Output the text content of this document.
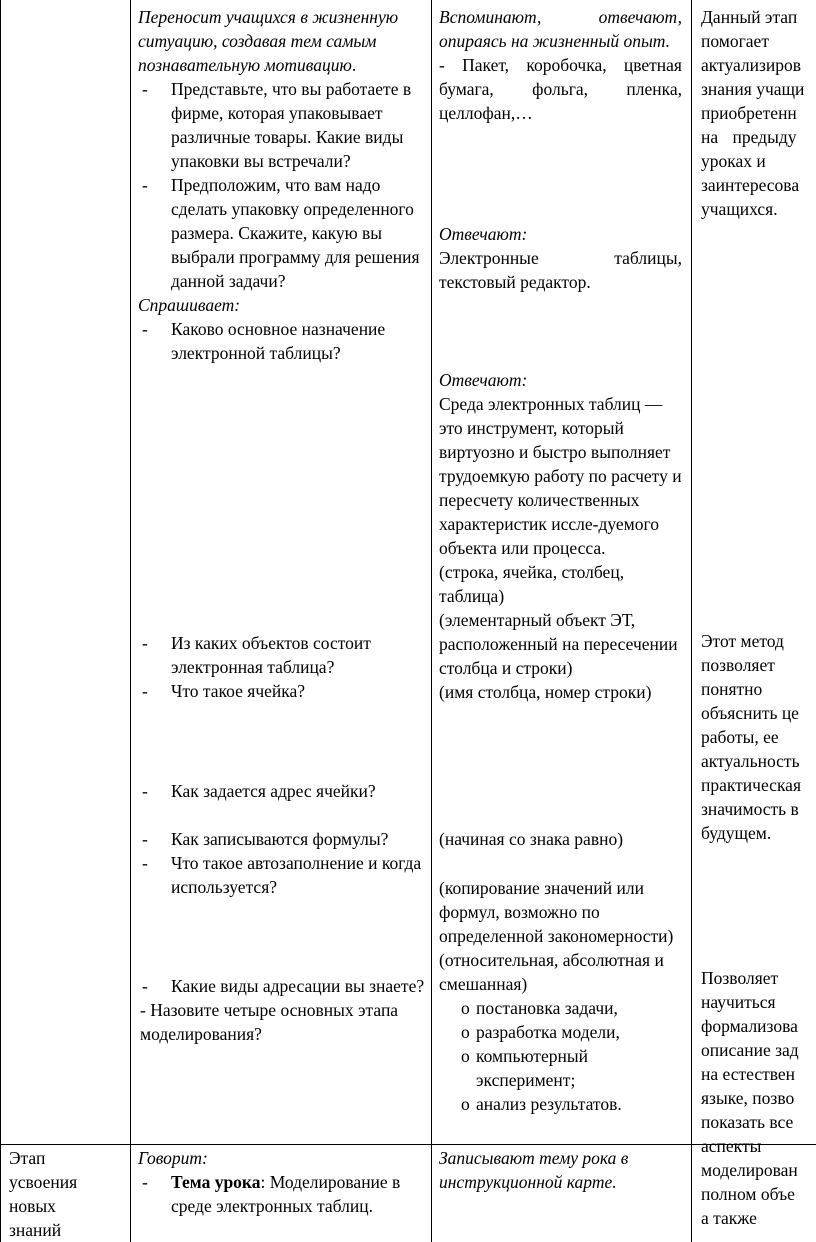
Переносит учащихся в жизненную ситуацию, создавая тем самым познавательную мотивацию.

- Представьте, что вы работаете в фирме, которая упаковывает различные товары. Какие виды упаковки вы встречали?

- Предположим, что вам надо сделать упаковку определенного размера. Скажите, какую вы выбрали программу для решения данной задачи?

Спрашивает:

- Каково основное назначение электронной таблицы?

- Из каких объектов состоит электронная таблица?

- Что такое ячейка?

- Как задается адрес ячейки?

- Как записываются формулы?

- Что такое автозаполнение и когда используется?

- Какие виды адресации вы знаете?

- Назовите четыре основных этапа моделирования?

Говорит:

- Тема урока: Моделирование в среде электронных таблиц.

Вспоминают, отвечают, опираясь на жизненный опыт.

- Пакет, коробочка, цветная бумага, фольга, пленка, целлофан,…

Отвечают:

Электронные таблицы, текстовый редактор.

Отвечают:

Среда электронных таблиц — это инструмент, который виртуозно и быстро выполняет трудоемкую работу по расчету и пересчету количественных характеристик иссле-дуемого объекта или процесса.

(строка, ячейка, столбец, таблица)

(элементарный объект ЭТ, расположенный на пересечении столбца и строки)

(имя столбца, номер строки)

(начиная со знака равно)

(копирование значений или формул, возможно по определенной закономерности)

(относительная, абсолютная и смешанная)

o постановка задачи,

o разработка модели,

o компьютерный эксперимент;

o анализ результатов.

Записывают тему рока в инструкционной карте.

Данный этап

помогает

актуализиров

знания учащи

приобретенн

на предыду

уроках и

заинтересова

учащихся.

Этот метод

позволяет

понятно

объяснить це

работы, ее

актуальность

практическая

значимость в

будущем.

Позволяет

научиться

формализова

описание зад

на естествен

языке, позво

показать все

аспекты

моделирован

полном объе

а также

Этап

усвоения

новых

знаний
